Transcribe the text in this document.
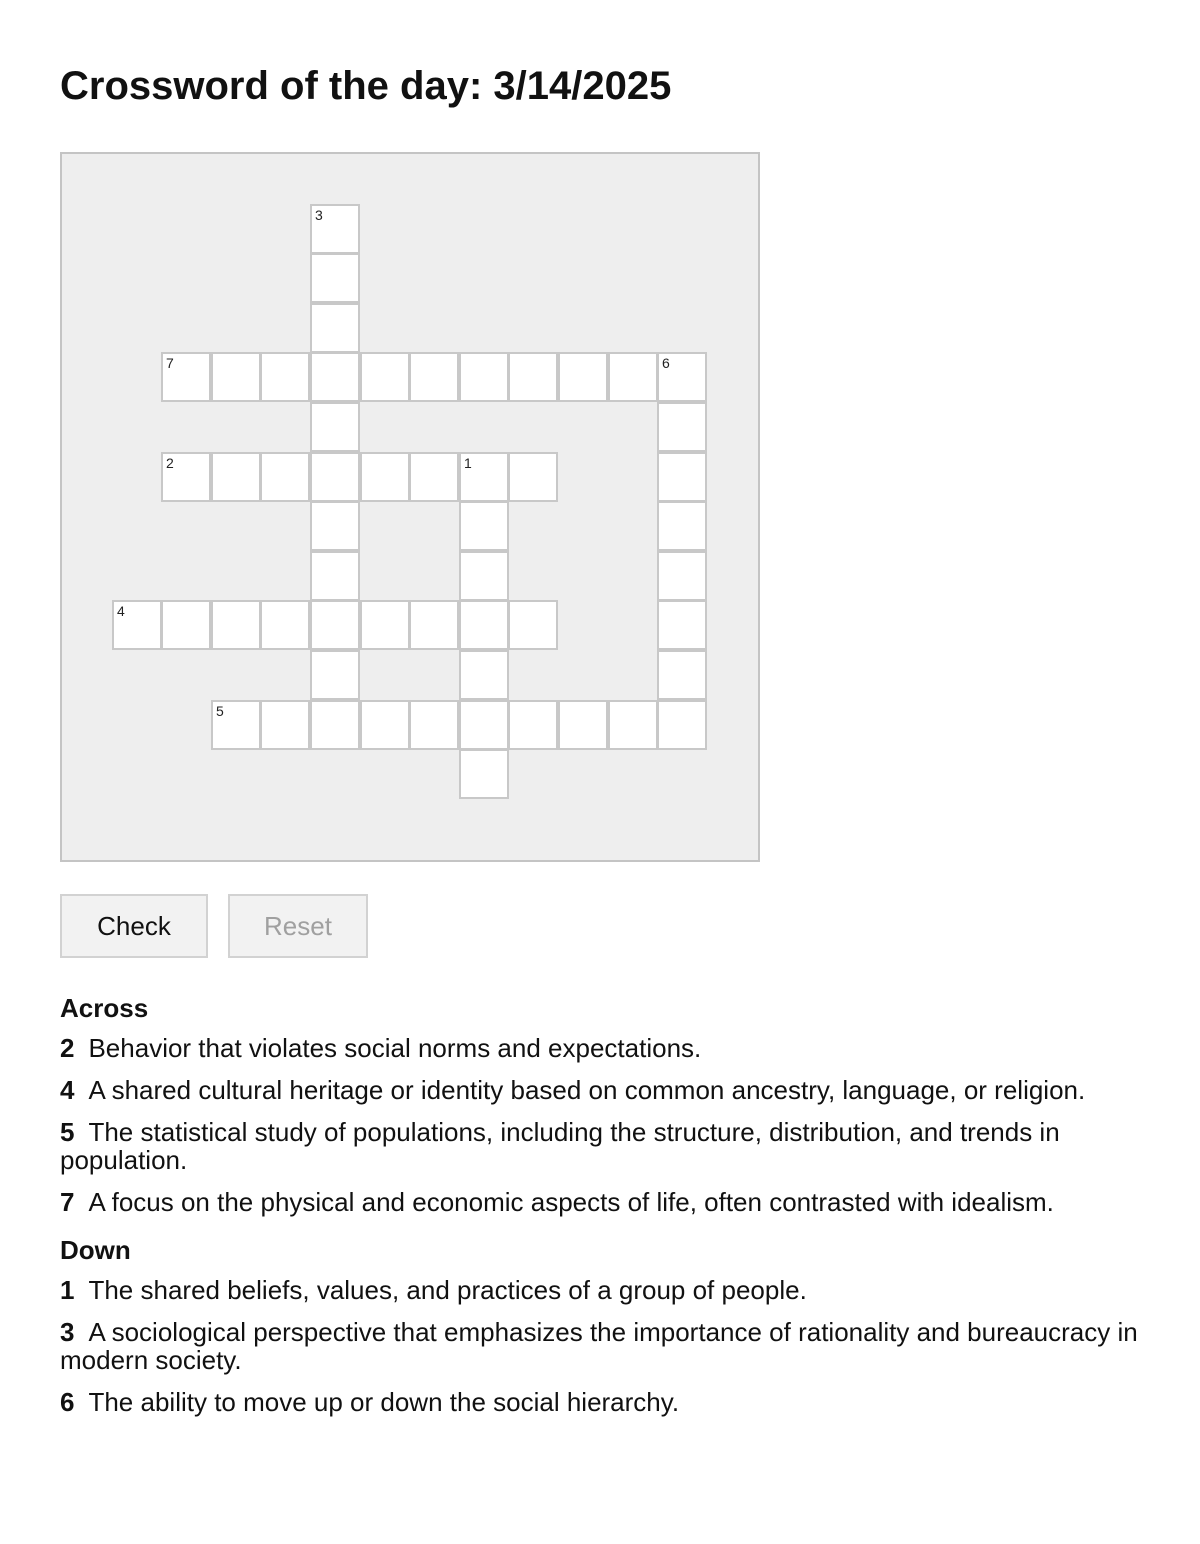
Crossword of the day: 3/14/2025
3
7	6
2	1
4
5
Check	Reset
Across
2 Behavior that violates social norms and expectations.
4 A shared cultural heritage or identity based on common ancestry, language, or religion.
5 The statistical study of populations, including the structure, distribution, and trends in population.
7 A focus on the physical and economic aspects of life, often contrasted with idealism.
Down
1 The shared beliefs, values, and practices of a group of people.
3 A sociological perspective that emphasizes the importance of rationality and bureaucracy in modern society.
6 The ability to move up or down the social hierarchy.
